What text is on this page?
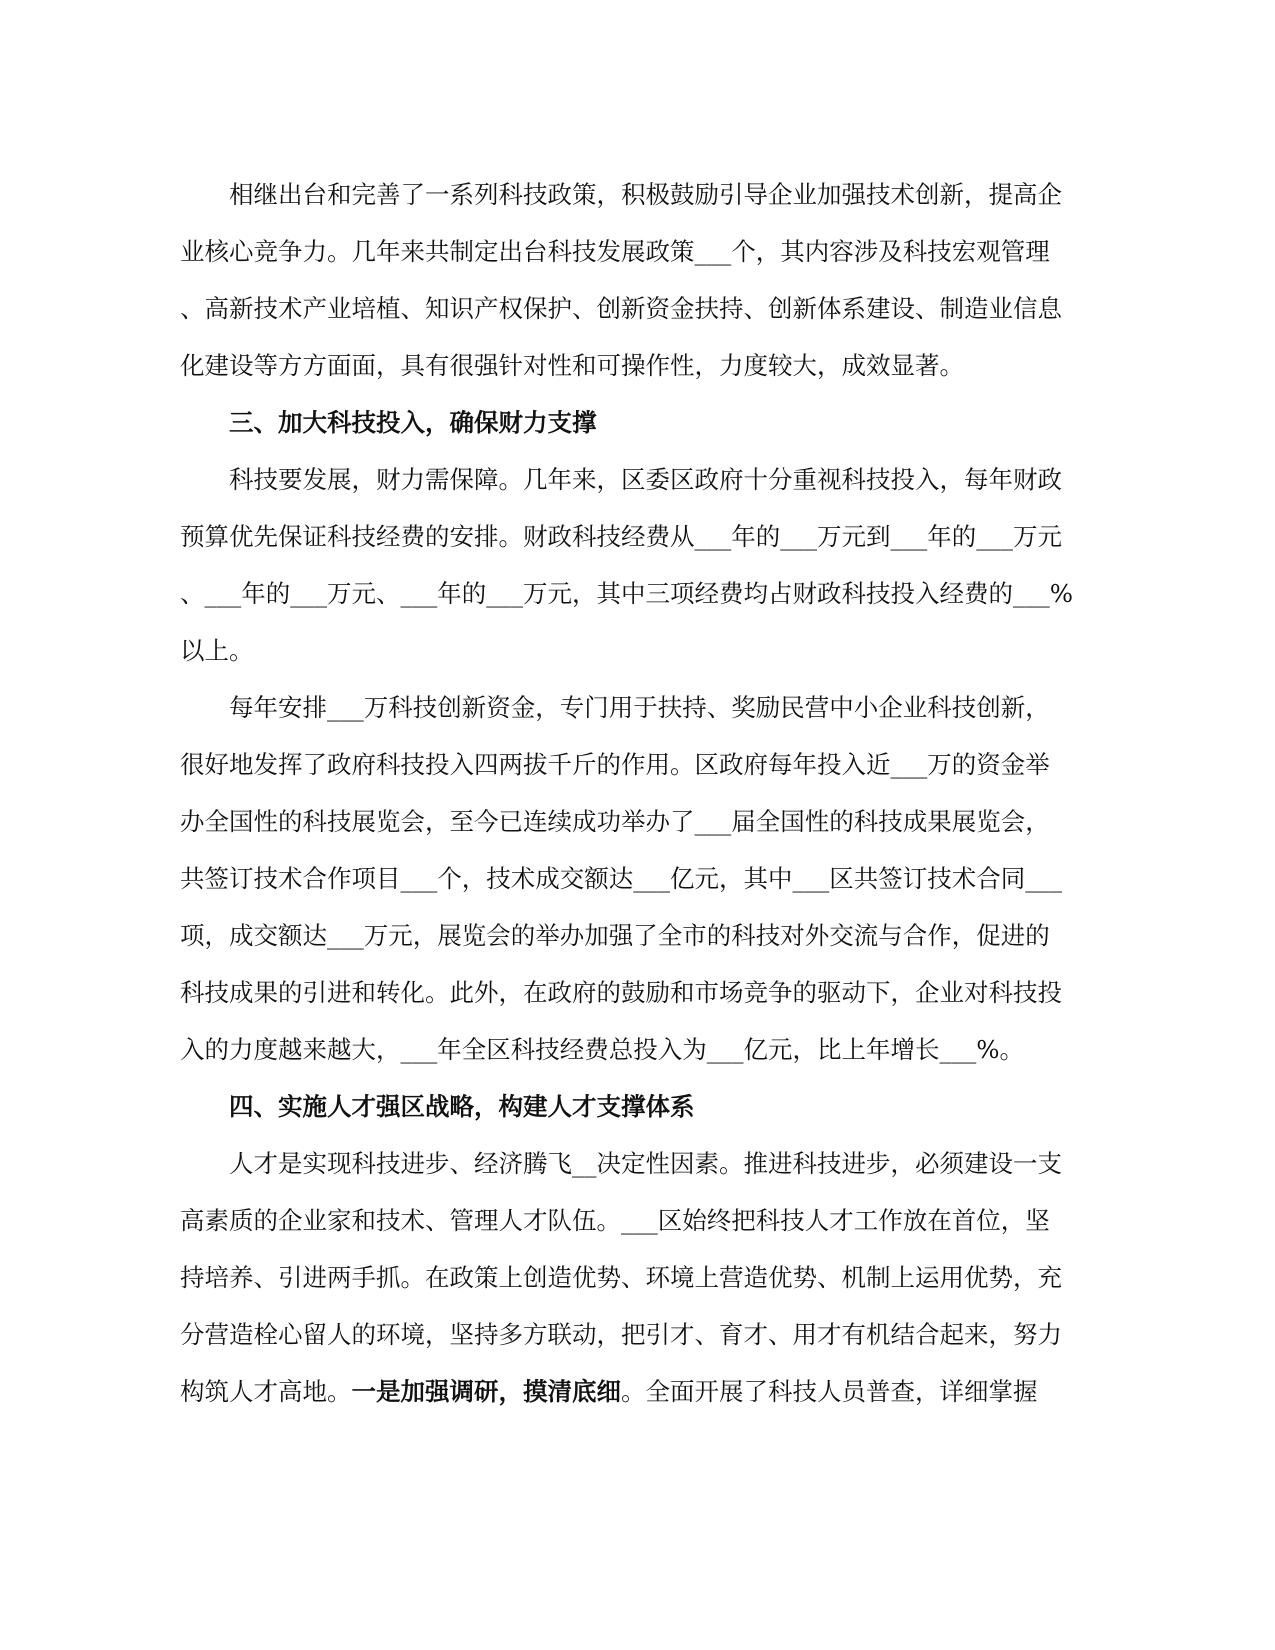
相继出台和完善了一系列科技政策，积极鼓励引导企业加强技术创新，提高企
业核心竞争力。几年来共制定出台科技发展政策___个，其内容涉及科技宏观管理
、高新技术产业培植、知识产权保护、创新资金扶持、创新体系建设、制造业信息
化建设等方方面面，具有很强针对性和可操作性，力度较大，成效显著。
三、加大科技投入，确保财力支撑
科技要发展，财力需保障。几年来，区委区政府十分重视科技投入，每年财政
预算优先保证科技经费的安排。财政科技经费从___年的___万元到___年的___万元
、___年的___万元、___年的___万元，其中三项经费均占财政科技投入经费的___%
以上。
每年安排___万科技创新资金，专门用于扶持、奖励民营中小企业科技创新，
很好地发挥了政府科技投入四两拔千斤的作用。区政府每年投入近___万的资金举
办全国性的科技展览会，至今已连续成功举办了___届全国性的科技成果展览会，
共签订技术合作项目___个，技术成交额达___亿元，其中___区共签订技术合同___
项，成交额达___万元，展览会的举办加强了全市的科技对外交流与合作，促进的
科技成果的引进和转化。此外，在政府的鼓励和市场竞争的驱动下，企业对科技投
入的力度越来越大，___年全区科技经费总投入为___亿元，比上年增长___%。
四、实施人才强区战略，构建人才支撑体系
人才是实现科技进步、经济腾飞__决定性因素。推进科技进步，必须建设一支
高素质的企业家和技术、管理人才队伍。___区始终把科技人才工作放在首位，坚
持培养、引进两手抓。在政策上创造优势、环境上营造优势、机制上运用优势，充
分营造栓心留人的环境，坚持多方联动，把引才、育才、用才有机结合起来，努力
构筑人才高地。一是加强调研，摸清底细。全面开展了科技人员普查，详细掌握
